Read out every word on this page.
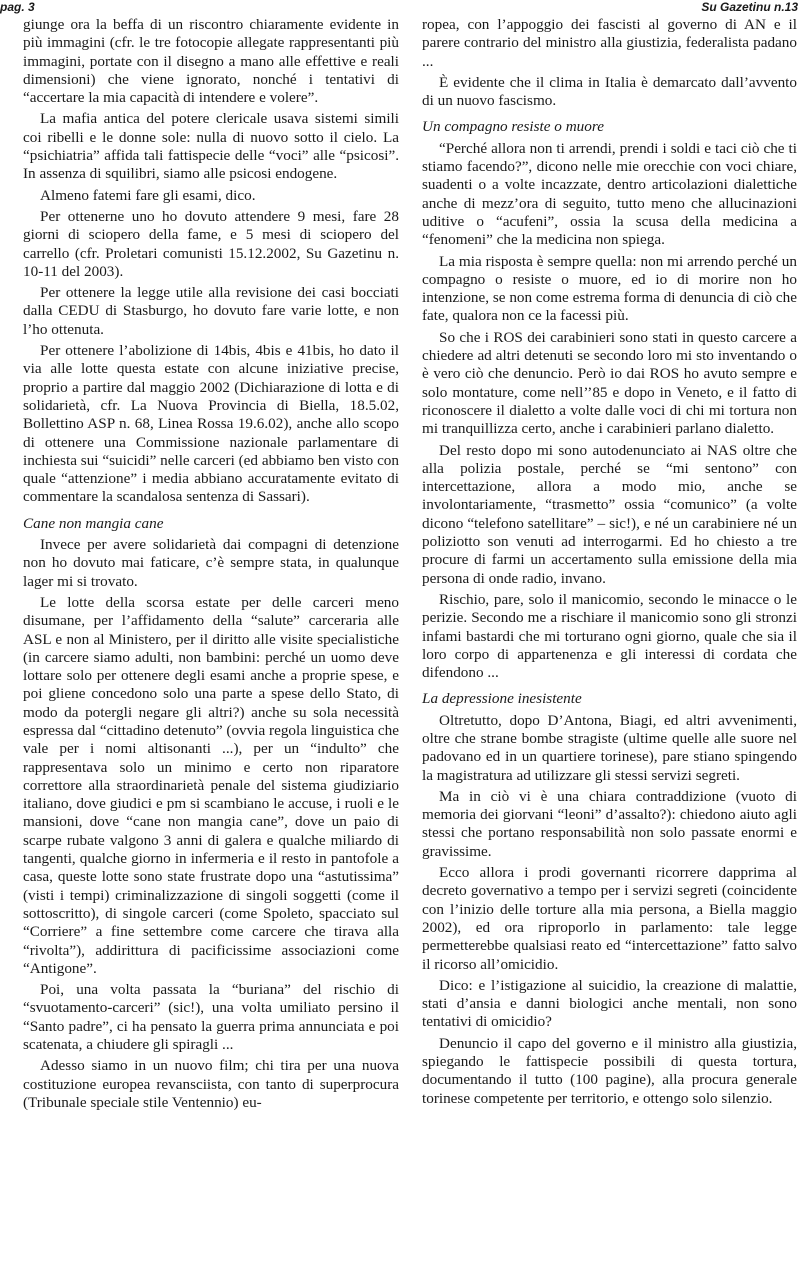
pag. 3	Su Gazetinu n.13

giunge ora la beffa di un riscontro chiaramente evidente in più immagini (cfr. le tre fotocopie allegate rappresentanti più immagini, portate con il disegno a mano alle effettive e reali dimensioni) che viene ignorato, nonché i tentativi di “accertare la mia capacità di intendere e volere”.

La mafia antica del potere clericale usava sistemi simili coi ribelli e le donne sole: nulla di nuovo sotto il cielo. La “psichiatria” affida tali fattispecie delle “voci” alle “psicosi”. In assenza di squilibri, siamo alle psicosi endogene.

Almeno fatemi fare gli esami, dico.

Per ottenerne uno ho dovuto attendere 9 mesi, fare 28 giorni di sciopero della fame, e 5 mesi di sciopero del carrello (cfr. Proletari comunisti 15.12.2002, Su Gazetinu n. 10-11 del 2003).

Per ottenere la legge utile alla revisione dei casi bocciati dalla CEDU di Stasburgo, ho dovuto fare varie lotte, e non l’ho ottenuta.

Per ottenere l’abolizione di 14bis, 4bis e 41bis, ho dato il via alle lotte questa estate con alcune iniziative precise, proprio a partire dal maggio 2002 (Dichiarazione di lotta e di solidarietà, cfr. La Nuova Provincia di Biella, 18.5.02, Bollettino ASP n. 68, Linea Rossa 19.6.02), anche allo scopo di ottenere una Commissione nazionale parlamentare di inchiesta sui “suicidi” nelle carceri (ed abbiamo ben visto con quale “attenzione” i media abbiano accuratamente evitato di commentare la scandalosa sentenza di Sassari).

Cane non mangia cane

Invece per avere solidarietà dai compagni di detenzione non ho dovuto mai faticare, c’è sempre stata, in qualunque lager mi si trovato.

Le lotte della scorsa estate per delle carceri meno disumane, per l’affidamento della “salute” carceraria alle ASL e non al Ministero, per il diritto alle visite specialistiche (in carcere siamo adulti, non bambini: perché un uomo deve lottare solo per ottenere degli esami anche a proprie spese, e poi gliene concedono solo una parte a spese dello Stato, di modo da potergli negare gli altri?) anche su sola necessità espressa dal “cittadino detenuto” (ovvia regola linguistica che vale per i nomi altisonanti ...), per un “indulto” che rappresentava solo un minimo e certo non riparatore correttore alla straordinarietà penale del sistema giudiziario italiano, dove giudici e pm si scambiano le accuse, i ruoli e le mansioni, dove “cane non mangia cane”, dove un paio di scarpe rubate valgono 3 anni di galera e qualche miliardo di tangenti, qualche giorno in infermeria e il resto in pantofole a casa, queste lotte sono state frustrate dopo una “astutissima” (visti i tempi) criminalizzazione di singoli soggetti (come il sottoscritto), di singole carceri (come Spoleto, spacciato sul “Corriere” a fine settembre come carcere che tirava alla “rivolta”), addirittura di pacificissime associazioni come “Antigone”.

Poi, una volta passata la “buriana” del rischio di “svuotamento-carceri” (sic!), una volta umiliato persino il “Santo padre”, ci ha pensato la guerra prima annunciata e poi scatenata, a chiudere gli spiragli ...

Adesso siamo in un nuovo film; chi tira per una nuova costituzione europea revansciista, con tanto di superprocura (Tribunale speciale stile Ventennio) eu-

ropea, con l’appoggio dei fascisti al governo di AN e il parere contrario del ministro alla giustizia, federalista padano ...

È evidente che il clima in Italia è demarcato dall’avvento di un nuovo fascismo.

Un compagno resiste o muore

“Perché allora non ti arrendi, prendi i soldi e taci ciò che ti stiamo facendo?”, dicono nelle mie orecchie con voci chiare, suadenti o a volte incazzate, dentro articolazioni dialettiche anche di mezz’ora di seguito, tutto meno che allucinazioni uditive o “acufeni”, ossia la scusa della medicina a “fenomeni” che la medicina non spiega.

La mia risposta è sempre quella: non mi arrendo perché un compagno o resiste o muore, ed io di morire non ho intenzione, se non come estrema forma di denuncia di ciò che fate, qualora non ce la facessi più.

So che i ROS dei carabinieri sono stati in questo carcere a chiedere ad altri detenuti se secondo loro mi sto inventando o è vero ciò che denuncio. Però io dai ROS ho avuto sempre e solo montature, come nell’’85 e dopo in Veneto, e il fatto di riconoscere il dialetto a volte dalle voci di chi mi tortura non mi tranquillizza certo, anche i carabinieri parlano dialetto.

Del resto dopo mi sono autodenunciato ai NAS oltre che alla polizia postale, perché se “mi sentono” con intercettazione, allora a modo mio, anche se involontariamente, “trasmetto” ossia “comunico” (a volte dicono “telefono satellitare” – sic!), e né un carabiniere né un poliziotto son venuti ad interrogarmi. Ed ho chiesto a tre procure di farmi un accertamento sulla emissione della mia persona di onde radio, invano.

Rischio, pare, solo il manicomio, secondo le minacce o le perizie. Secondo me a rischiare il manicomio sono gli stronzi infami bastardi che mi torturano ogni giorno, quale che sia il loro corpo di appartenenza e gli interessi di cordata che difendono ...

La depressione inesistente

Oltretutto, dopo D’Antona, Biagi, ed altri avvenimenti, oltre che strane bombe stragiste (ultime quelle alle suore nel padovano ed in un quartiere torinese), pare stiano spingendo la magistratura ad utilizzare gli stessi servizi segreti.

Ma in ciò vi è una chiara contraddizione (vuoto di memoria dei giorvani “leoni” d’assalto?): chiedono aiuto agli stessi che portano responsabilità non solo passate enormi e gravissime.

Ecco allora i prodi governanti ricorrere dapprima al decreto governativo a tempo per i servizi segreti (coincidente con l’inizio delle torture alla mia persona, a Biella maggio 2002), ed ora riproporlo in parlamento: tale legge permetterebbe qualsiasi reato ed “intercettazione” fatto salvo il ricorso all’omicidio.

Dico: e l’istigazione al suicidio, la creazione di malattie, stati d’ansia e danni biologici anche mentali, non sono tentativi di omicidio?

Denuncio il capo del governo e il ministro alla giustizia, spiegando le fattispecie possibili di questa tortura, documentando il tutto (100 pagine), alla procura generale torinese competente per territorio, e ottengo solo silenzio.
